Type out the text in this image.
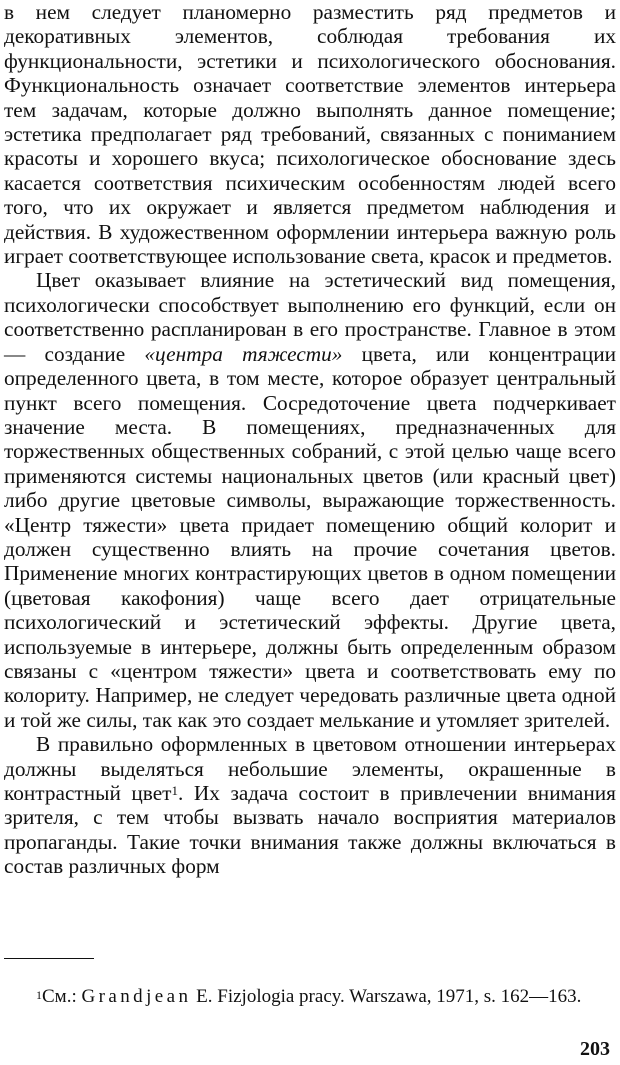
в нем следует планомерно разместить ряд предметов и декоративных элементов, соблюдая требования их функциональности, эстетики и психологического обоснования. Функциональность означает соответствие элементов интерьера тем задачам, которые должно выполнять данное помещение; эстетика предполагает ряд требований, связанных с пониманием красоты и хорошего вкуса; психологическое обоснование здесь касается соответствия психическим особенностям людей всего того, что их окружает и является предметом наблюдения и действия. В художественном оформлении интерьера важную роль играет соответствующее использование света, красок и предметов.

Цвет оказывает влияние на эстетический вид помещения, психологически способствует выполнению его функций, если он соответственно распланирован в его пространстве. Главное в этом — создание «центра тяжести» цвета, или концентрации определенного цвета, в том месте, которое образует центральный пункт всего помещения. Сосредоточение цвета подчеркивает значение места. В помещениях, предназначенных для торжественных общественных собраний, с этой целью чаще всего применяются системы национальных цветов (или красный цвет) либо другие цветовые символы, выражающие торжественность. «Центр тяжести» цвета придает помещению общий колорит и должен существенно влиять на прочие сочетания цветов. Применение многих контрастирующих цветов в одном помещении (цветовая какофония) чаще всего дает отрицательные психологический и эстетический эффекты. Другие цвета, используемые в интерьере, должны быть определенным образом связаны с «центром тяжести» цвета и соответствовать ему по колориту. Например, не следует чередовать различные цвета одной и той же силы, так как это создает мелькание и утомляет зрителей.

В правильно оформленных в цветовом отношении интерьерах должны выделяться небольшие элементы, окрашенные в контрастный цвет$^1$. Их задача состоит в привлечении внимания зрителя, с тем чтобы вызвать начало восприятия материалов пропаганды. Такие точки внимания также должны включаться в состав различных форм

$^1$См.: Grandjean E. Fizjologia pracy. Warszawa, 1971, s. 162—163.
203
